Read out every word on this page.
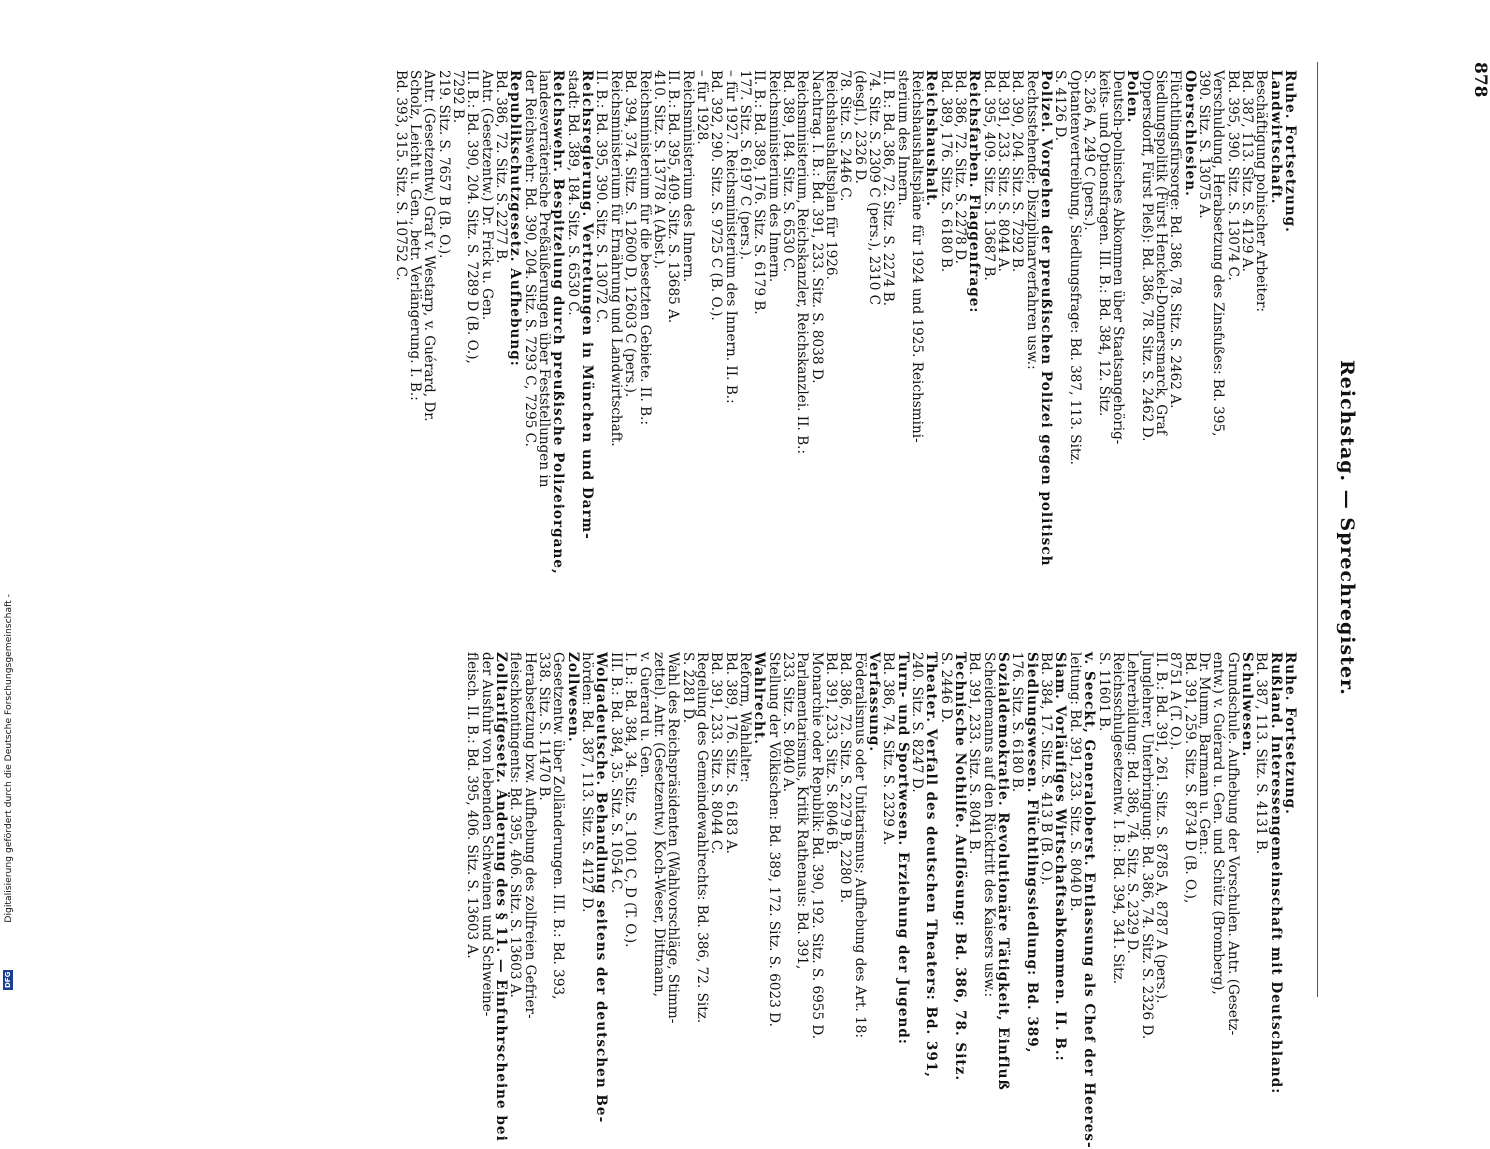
878
Reichstag. — Sprechregister.
Ruhe. Fortsetzung.
Rußland. Interessengemeinschaft mit Deutschland:
Bd. 387, 113. Sitz. S. 4131 B.
Schulwesen.
Grundschule. Aufhebung der Vorschulen. Antr. (Gesetz-
entw.) v. Guérard u. Gen. und Schütz (Bromberg),
Dr. Mumm, Barmann u. Gen.:
Bd. 391, 259. Sitz. S. 8734 D (B. O.),
8751 A (T. O.).
II. B.: Bd. 391, 261. Sitz. S. 8785 A, 8787 A (pers.).
Junglehrer, Unterbringung: Bd. 386, 74. Sitz. S. 2326 D.
Lehrerbildung: Bd. 386, 74. Sitz. S. 2329 D.
Reichsschulgesetzentw. I. B.: Bd. 394, 341. Sitz.
S. 11601 B.
v. Seeckt, Generaloberst. Entlassung als Chef der Heeres-
leitung: Bd. 391, 233. Sitz. S. 8040 B.
Siam. Vorläufiges Wirtschaftsabkommen. II. B.:
Bd. 384, 17. Sitz. S. 413 B (B. O.).
Siedlungswesen. Flüchtlingssiedlung: Bd. 389,
176. Sitz. S. 6180 B.
Sozialdemokratie. Revolutionäre Tätigkeit, Einfluß
Scheidemanns auf den Rücktritt des Kaisers usw.:
Bd. 391, 233. Sitz. S. 8041 B.
Technische Nothilfe. Auflösung: Bd. 386, 78. Sitz.
S. 2446 D.
Theater. Verfall des deutschen Theaters: Bd. 391,
240. Sitz. S. 8247 D.
Turn- und Sportwesen. Erziehung der Jugend:
Bd. 386, 74. Sitz. S. 2329 A.
Verfassung.
Föderalismus oder Unitarismus; Aufhebung des Art. 18:
Bd. 386, 72. Sitz. S. 2279 B, 2280 B.
Bd. 391, 233. Sitz. S. 8046 B.
Monarchie oder Republik: Bd. 390, 192. Sitz. S. 6955 D.
Parlamentarismus, Kritik Rathenaus: Bd. 391,
233. Sitz. S. 8040 A.
Stellung der Völkischen: Bd. 389, 172. Sitz. S. 6023 D.
Wahlrecht.
Reform, Wahlalter:
Bd. 389, 176. Sitz. S. 6183 A.
Bd. 391, 233. Sitz. S. 8044 C.
Regelung des Gemeindewahlrechts: Bd. 386, 72. Sitz.
S. 2281 D.
Wahl des Reichspräsidenten (Wahlvorschläge, Stimm-
zettel). Antr. (Gesetzentw.) Koch-Weser, Dittmann,
v. Guérard u. Gen.
I. B.: Bd. 384, 34. Sitz. S. 1001 C, D (T. O.).
III. B.: Bd. 384, 35. Sitz. S. 1054 C.
Wolgadeutsche. Behandlung seitens der deutschen Be-
hörden: Bd. 387, 113. Sitz. S. 4127 D.
Zollwesen.
Gesetzentw. über Zolländerungen. III. B.: Bd. 393,
338. Sitz. S. 11470 B.
Herabsetzung bzw. Aufhebung des zollfreien Gefrier-
fleischkontingents: Bd. 395, 406. Sitz. S. 13603 A.
Zolltarifgesetz. Änderung des § 11. — Einfuhrscheine bei
der Ausfuhr von lebenden Schweinen und Schweine-
fleisch. II. B.: Bd. 395, 406. Sitz. S. 13603 A.
Ruhe. Fortsetzung.
Landwirtschaft.
Beschäftigung polnischer Arbeiter:
Bd. 387, 113. Sitz. S. 4129 A.
Bd. 395, 390. Sitz. S. 13074 C.
Verschuldung, Herabsetzung des Zinsfußes: Bd. 395,
390. Sitz. S. 13075 A.
Oberschlesien.
Flüchtlingsfürsorge: Bd. 386, 78. Sitz. S. 2462 A.
Siedlungspolitik (Fürst Henckel-Donnersmarck, Graf
Oppersdorff, Fürst Pleß): Bd. 386, 78. Sitz. S. 2462 D.
Polen.
Deutsch-polnisches Abkommen über Staatsangehörig-
keits- und Optionsfragen. III. B.: Bd. 384, 12. Sitz.
S. 236 A, 249 C (pers.).
Optantenvertreibung, Siedlungsfrage: Bd. 387, 113. Sitz.
S. 4126 D.
Polizei. Vorgehen der preußischen Polizei gegen politisch
Rechtsstehende; Disziplinarverfahren usw.:
Bd. 390, 204. Sitz. S. 7292 B.
Bd. 391, 233. Sitz. S. 8044 A.
Bd. 395, 409. Sitz. S. 13687 B.
Reichsfarben. Flaggenfrage:
Bd. 386, 72. Sitz. S. 2278 D.
Bd. 389, 176. Sitz. S. 6180 B.
Reichshaushalt.
Reichshaushaltspläne für 1924 und 1925. Reichsmini-
sterium des Innern.
II. B.: Bd. 386, 72. Sitz. S. 2274 B.
74. Sitz. S. 2309 C (pers.), 2310 C
(desgl.), 2326 D.
78. Sitz. S. 2446 C.
Reichshaushaltsplan für 1926.
Nachtrag. I. B.: Bd. 391, 233. Sitz. S. 8038 D.
Reichsministerium, Reichskanzler, Reichskanzlei. II. B.:
Bd. 389, 184. Sitz. S. 6530 C.
Reichsministerium des Innern.
II. B.: Bd. 389, 176. Sitz. S. 6179 B.
177. Sitz. S. 6197 C (pers.).
– für 1927. Reichsministerium des Innern. II. B.:
Bd. 392, 290. Sitz. S. 9725 C (B. O.).
– für 1928.
Reichsministerium des Innern.
II. B.: Bd. 395, 409. Sitz. S. 13685 A.
410. Sitz. S. 13778 A (Abst.).
Reichsministerium für die besetzten Gebiete. II. B.:
Bd. 394, 374. Sitz. S. 12600 D, 12603 C (pers.).
Reichsministerium für Ernährung und Landwirtschaft.
II. B.: Bd. 395, 390. Sitz. S. 13072 C.
Reichsregierung. Vertretungen in München und Darm-
stadt: Bd. 389, 184. Sitz. S. 6530 C.
Reichswehr. Bespitzelung durch preußische Polizeiorgane,
landesverräterische Preßäußerungen über Feststellungen in
der Reichswehr: Bd. 390, 204. Sitz. S. 7293 C, 7295 C.
Republikschutzgesetz. Aufhebung:
Bd. 386, 72. Sitz. S. 2277 B.
Antr. (Gesetzentw.) Dr. Frick u. Gen.
II. B.: Bd. 390, 204. Sitz. S. 7289 D (B. O.),
7292 B.
219. Sitz. S. 7657 B (B. O.).
Antr. (Gesetzentw.) Graf v. Westarp, v. Guérard, Dr.
Scholz, Leicht u. Gen., betr. Verlängerung. I. B.:
Bd. 393, 315. Sitz. S. 10752 C.
Digitalisierung gefördert durch die Deutsche Forschungsgemeinschaft -
DFG
